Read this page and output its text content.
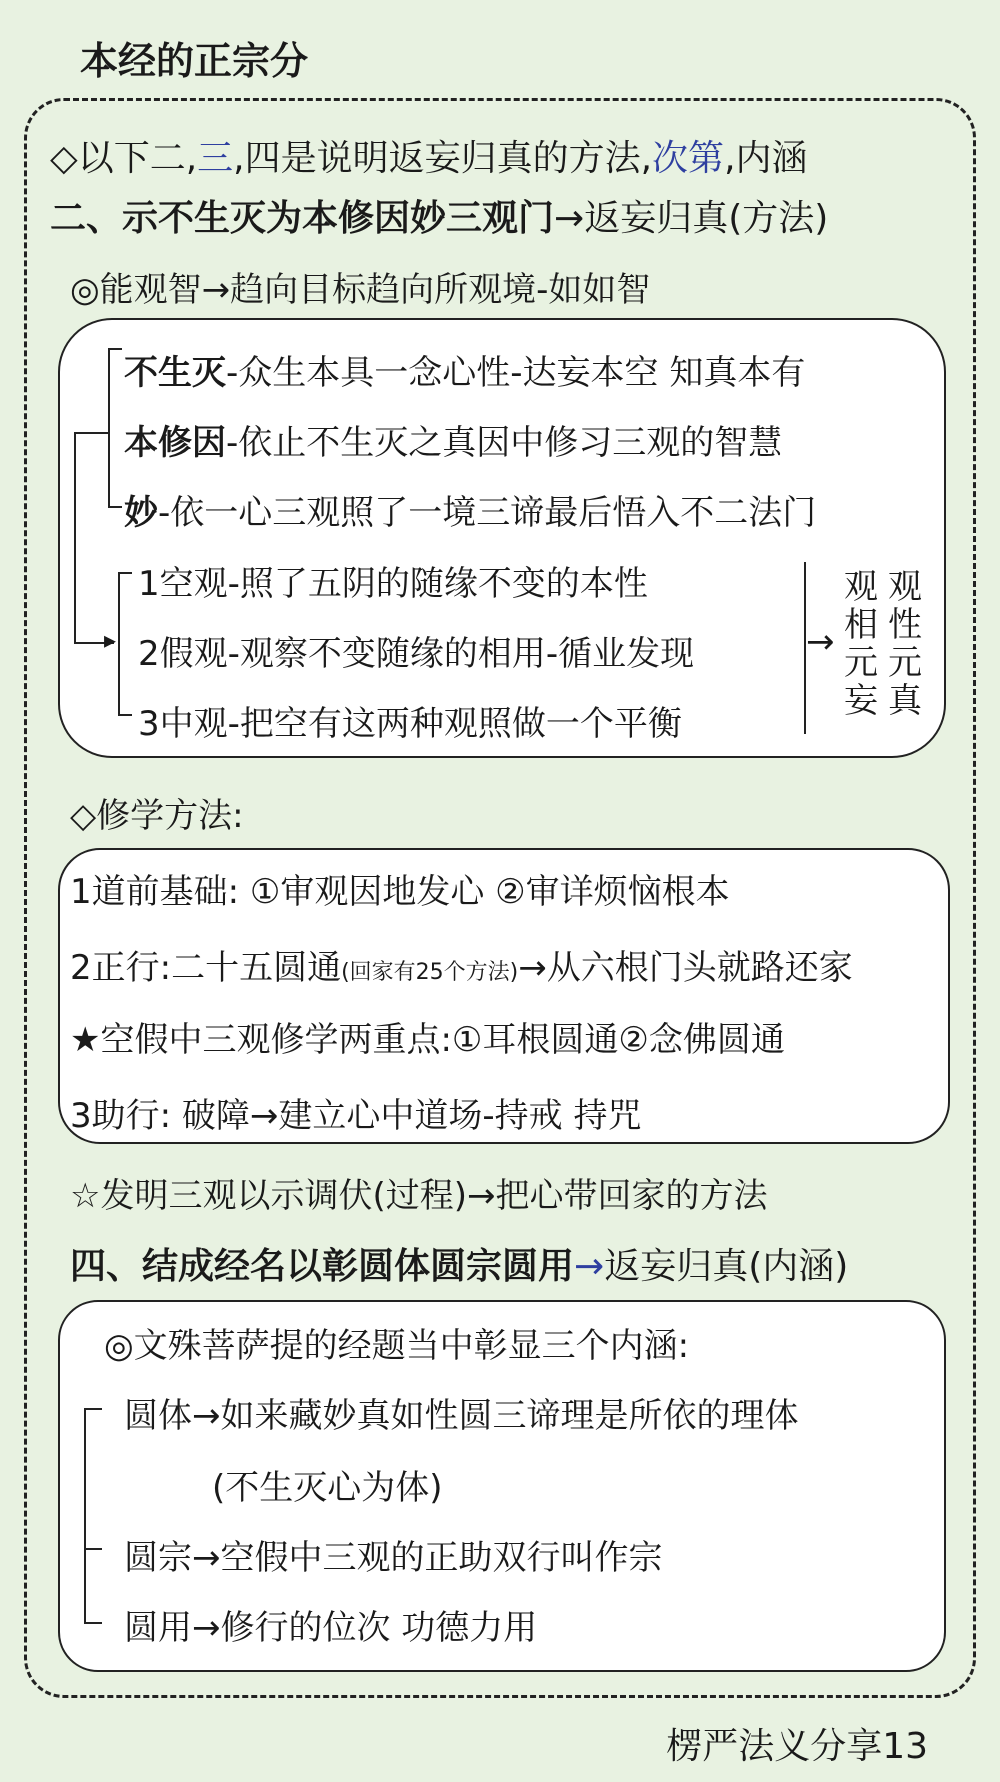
本经的正宗分
◇以下二,三,四是说明返妄归真的方法,次第,内涵
二、示不生灭为本修因妙三观门→返妄归真(方法)
◎能观智→趋向目标趋向所观境-如如智
▸
不生灭-众生本具一念心性-达妄本空 知真本有
本修因-依止不生灭之真因中修习三观的智慧
妙-依一心三观照了一境三谛最后悟入不二法门
1空观-照了五阴的随缘不变的本性
2假观-观察不变随缘的相用-循业发现
3中观-把空有这两种观照做一个平衡
→
观相元妄
观性元真
◇修学方法:
1道前基础: ①审观因地发心 ②审详烦恼根本
2正行:二十五圆通(回家有25个方法)→从六根门头就路还家
★空假中三观修学两重点:①耳根圆通②念佛圆通
3助行: 破障→建立心中道场-持戒 持咒
☆发明三观以示调伏(过程)→把心带回家的方法
四、结成经名以彰圆体圆宗圆用→返妄归真(内涵)
◎文殊菩萨提的经题当中彰显三个内涵:
圆体→如来藏妙真如性圆三谛理是所依的理体
(不生灭心为体)
圆宗→空假中三观的正助双行叫作宗
圆用→修行的位次 功德力用
楞严法义分享13
